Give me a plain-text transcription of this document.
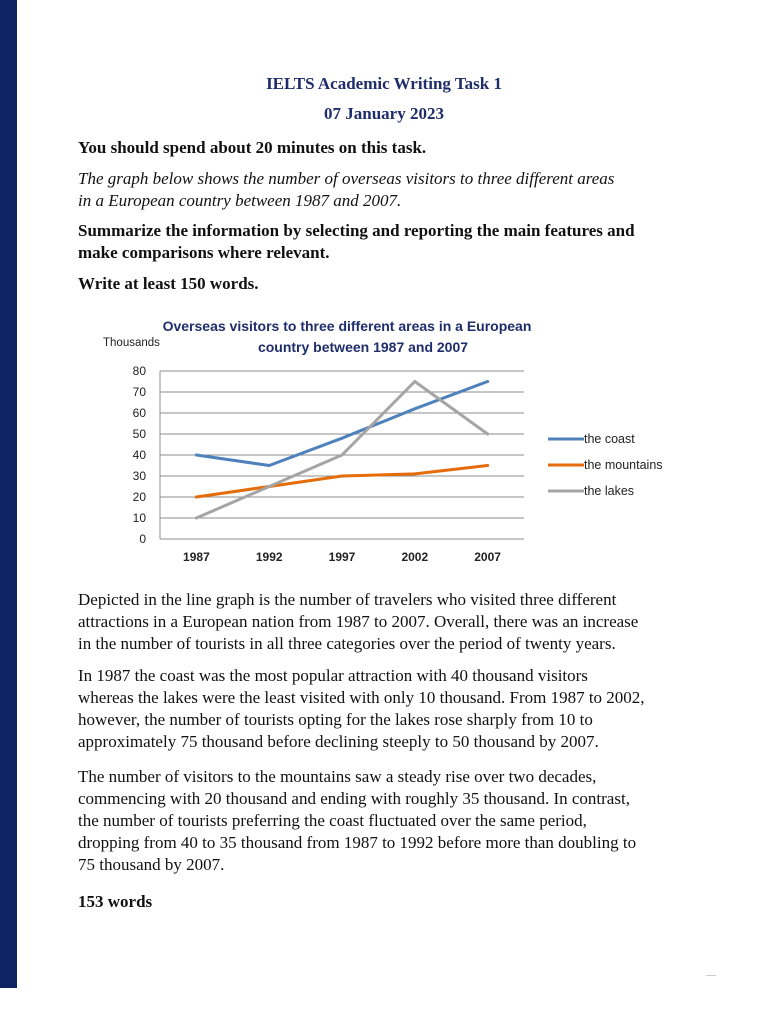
IELTS Academic Writing Task 1
07 January 2023
You should spend about 20 minutes on this task.
The graph below shows the number of overseas visitors to three different areas
in a European country between 1987 and 2007.
Summarize the information by selecting and reporting the main features and
make comparisons where relevant.
Write at least 150 words.
Depicted in the line graph is the number of travelers who visited three different
attractions in a European nation from 1987 to 2007. Overall, there was an increase
in the number of tourists in all three categories over the period of twenty years.
In 1987 the coast was the most popular attraction with 40 thousand visitors
whereas the lakes were the least visited with only 10 thousand. From 1987 to 2002,
however, the number of tourists opting for the lakes rose sharply from 10 to
approximately 75 thousand before declining steeply to 50 thousand by 2007.
The number of visitors to the mountains saw a steady rise over two decades,
commencing with 20 thousand and ending with roughly 35 thousand. In contrast,
the number of tourists preferring the coast fluctuated over the same period,
dropping from 40 to 35 thousand from 1987 to 1992 before more than doubling to
75 thousand by 2007.
153 words
Overseas visitors to three different areas in a European
country between 1987 and 2007
Thousands
0
10
20
30
40
50
60
70
80
1987	1992	1997	2002	2007
the coast
the mountains
the lakes
